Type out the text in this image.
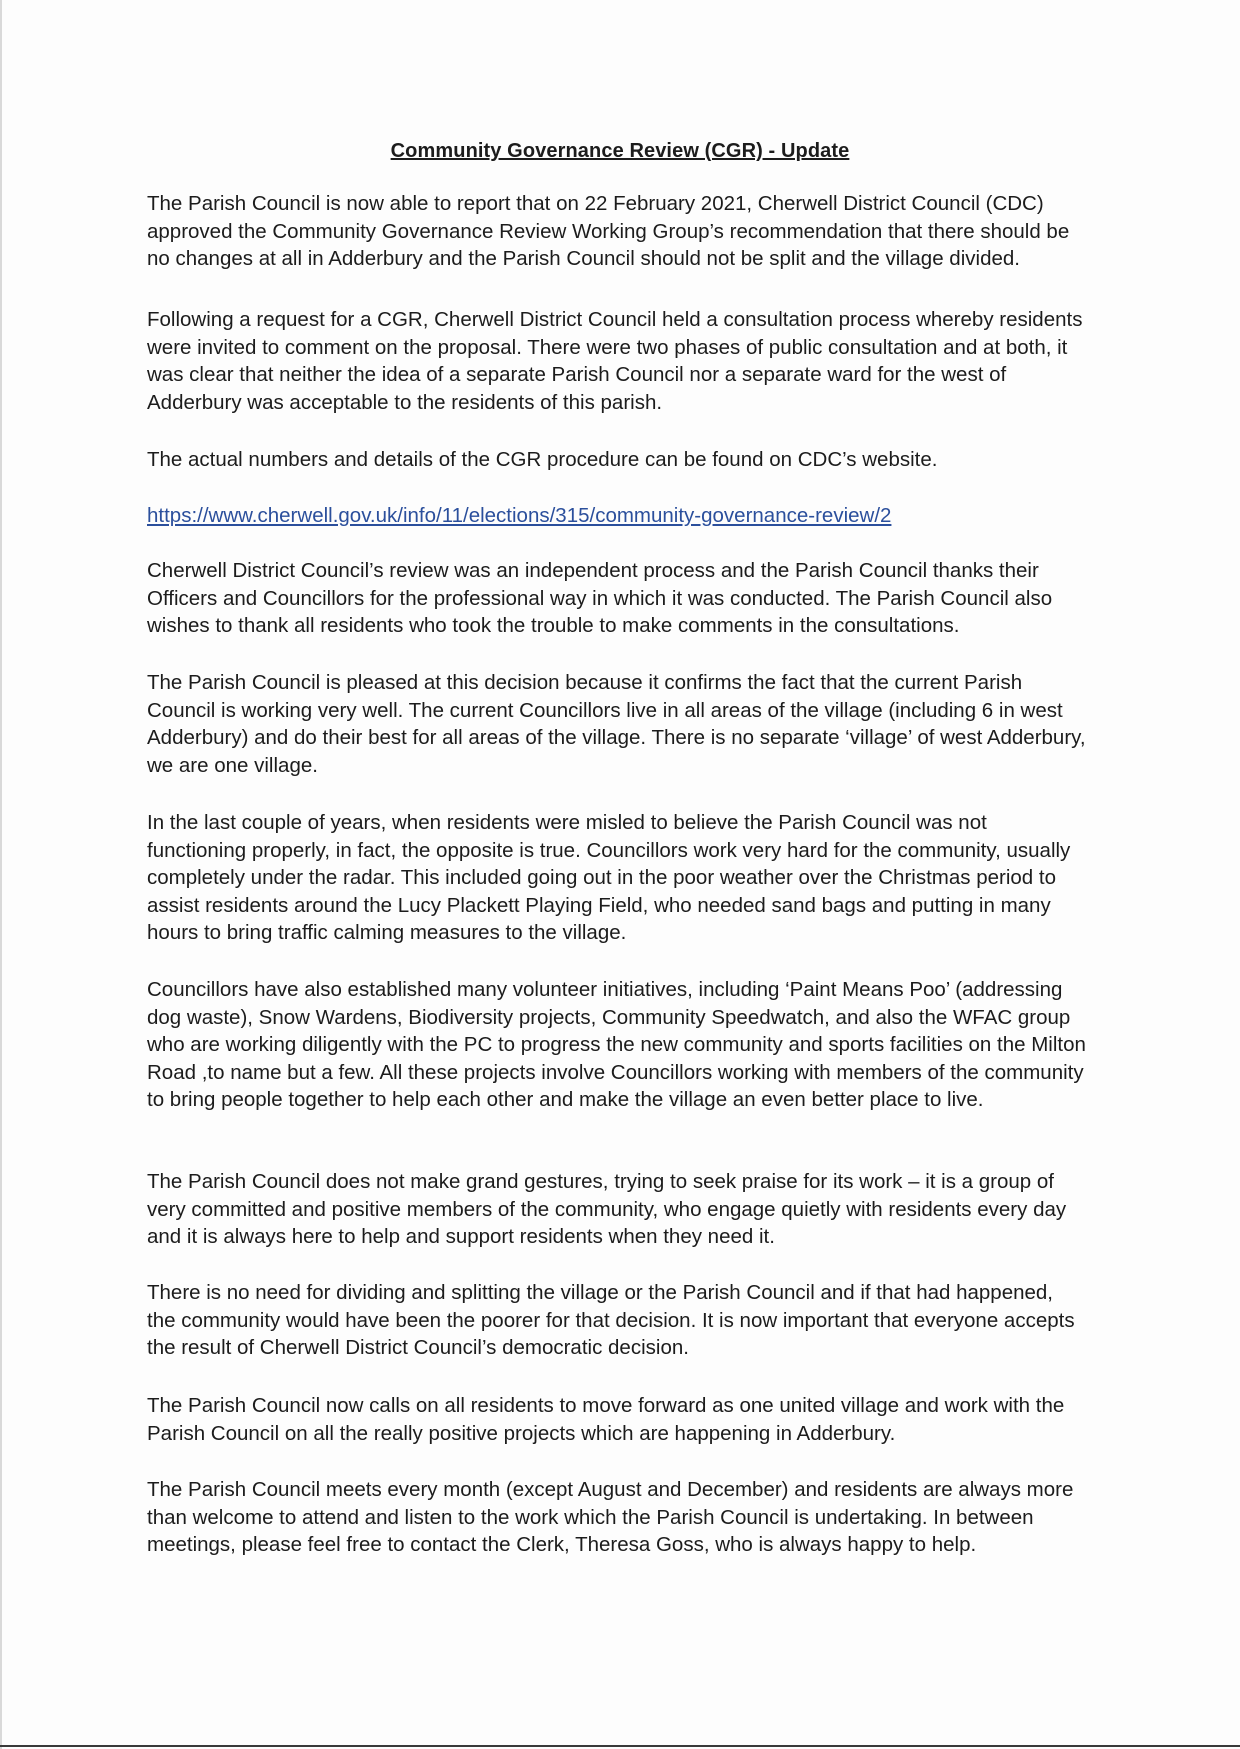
Community Governance Review (CGR) - Update

The Parish Council is now able to report that on 22 February 2021, Cherwell District Council (CDC) approved the Community Governance Review Working Group’s recommendation that there should be no changes at all in Adderbury and the Parish Council should not be split and the village divided.

Following a request for a CGR, Cherwell District Council held a consultation process whereby residents were invited to comment on the proposal. There were two phases of public consultation and at both, it was clear that neither the idea of a separate Parish Council nor a separate ward for the west of Adderbury was acceptable to the residents of this parish.

The actual numbers and details of the CGR procedure can be found on CDC’s website.

https://www.cherwell.gov.uk/info/11/elections/315/community-governance-review/2

Cherwell District Council’s review was an independent process and the Parish Council thanks their Officers and Councillors for the professional way in which it was conducted. The Parish Council also wishes to thank all residents who took the trouble to make comments in the consultations.

The Parish Council is pleased at this decision because it confirms the fact that the current Parish Council is working very well. The current Councillors live in all areas of the village (including 6 in west Adderbury) and do their best for all areas of the village. There is no separate ‘village’ of west Adderbury, we are one village.

In the last couple of years, when residents were misled to believe the Parish Council was not functioning properly, in fact, the opposite is true. Councillors work very hard for the community, usually completely under the radar. This included going out in the poor weather over the Christmas period to assist residents around the Lucy Plackett Playing Field, who needed sand bags and putting in many hours to bring traffic calming measures to the village.

Councillors have also established many volunteer initiatives, including ‘Paint Means Poo’ (addressing dog waste), Snow Wardens, Biodiversity projects, Community Speedwatch, and also the WFAC group who are working diligently with the PC to progress the new community and sports facilities on the Milton Road ,to name but a few. All these projects involve Councillors working with members of the community to bring people together to help each other and make the village an even better place to live.

The Parish Council does not make grand gestures, trying to seek praise for its work – it is a group of very committed and positive members of the community, who engage quietly with residents every day and it is always here to help and support residents when they need it.

There is no need for dividing and splitting the village or the Parish Council and if that had happened, the community would have been the poorer for that decision. It is now important that everyone accepts the result of Cherwell District Council’s democratic decision.

The Parish Council now calls on all residents to move forward as one united village and work with the Parish Council on all the really positive projects which are happening in Adderbury.

The Parish Council meets every month (except August and December) and residents are always more than welcome to attend and listen to the work which the Parish Council is undertaking. In between meetings, please feel free to contact the Clerk, Theresa Goss, who is always happy to help.
